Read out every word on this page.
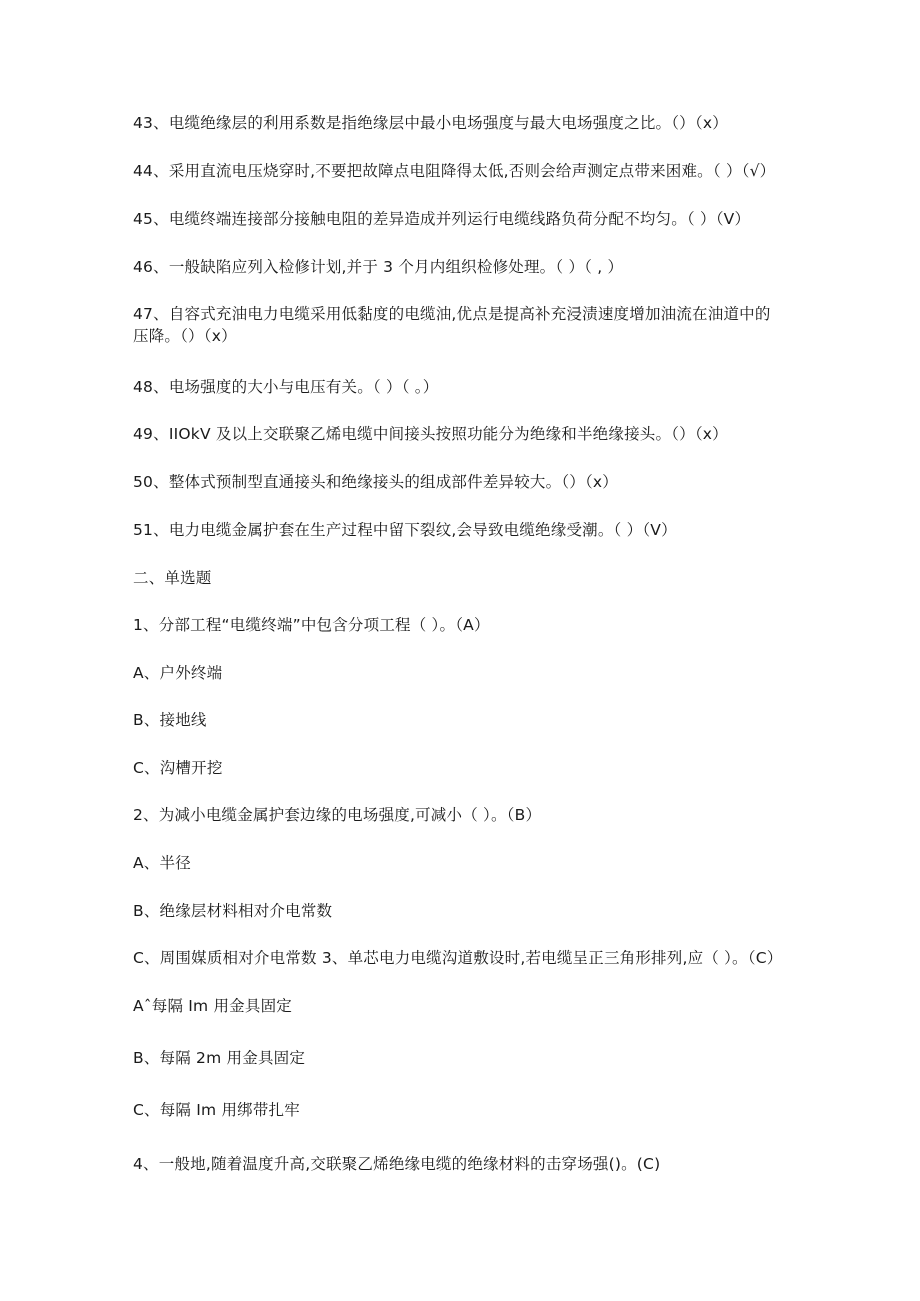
43、电缆绝缘层的利用系数是指绝缘层中最小电场强度与最大电场强度之比。（）（x）
44、采用直流电压烧穿时,不要把故障点电阻降得太低,否则会给声测定点带来困难。（ ）（√）
45、电缆终端连接部分接触电阻的差异造成并列运行电缆线路负荷分配不均匀。（ ）（V）
46、一般缺陷应列入检修计划,并于 3 个月内组织检修处理。（ ）（ , ）
47、自容式充油电力电缆采用低黏度的电缆油,优点是提高补充浸渍速度增加油流在油道中的压降。（）（x）
48、电场强度的大小与电压有关。（ ）（ 。）
49、IIOkV 及以上交联聚乙烯电缆中间接头按照功能分为绝缘和半绝缘接头。（）（x）
50、整体式预制型直通接头和绝缘接头的组成部件差异较大。（）（x）
51、电力电缆金属护套在生产过程中留下裂纹,会导致电缆绝缘受潮。（ ）（V）
二、单选题
1、分部工程“电缆终端”中包含分项工程（ ）。（A）
A、户外终端
B、接地线
C、沟槽开挖
2、为减小电缆金属护套边缘的电场强度,可减小（ ）。（B）
A、半径
B、绝缘层材料相对介电常数
C、周围媒质相对介电常数 3、单芯电力电缆沟道敷设时,若电缆呈正三角形排列,应（ ）。（C）
Aˆ每隔 Im 用金具固定
B、每隔 2m 用金具固定
C、每隔 Im 用绑带扎牢
4、一般地,随着温度升高,交联聚乙烯绝缘电缆的绝缘材料的击穿场强()。(C)
